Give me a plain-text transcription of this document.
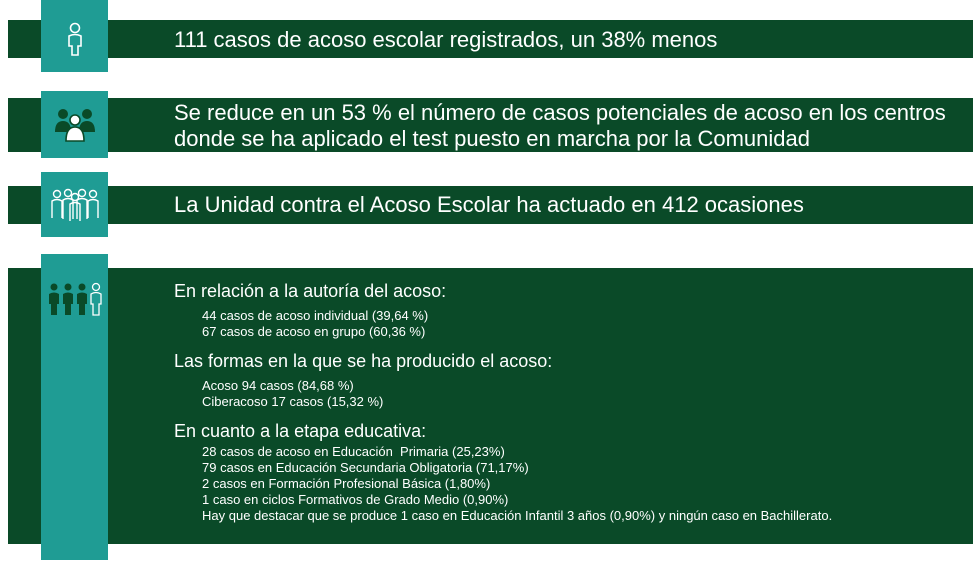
111 casos de acoso escolar registrados, un 38% menos
Se reduce en un 53 % el número de casos potenciales de acoso en los centros donde se ha aplicado el test puesto en marcha por la Comunidad
La Unidad contra el Acoso Escolar ha actuado en 412 ocasiones

En relación a la autoría del acoso:

44 casos de acoso individual (39,64 %)
67 casos de acoso en grupo (60,36 %)

Las formas en la que se ha producido el acoso:

Acoso 94 casos (84,68 %)
Ciberacoso 17 casos (15,32 %)

En cuanto a la etapa educativa:

28 casos de acoso en Educación  Primaria (25,23%)
79 casos en Educación Secundaria Obligatoria (71,17%)
2 casos en Formación Profesional Básica (1,80%)
1 caso en ciclos Formativos de Grado Medio (0,90%)
Hay que destacar que se produce 1 caso en Educación Infantil 3 años (0,90%) y ningún caso en Bachillerato.
